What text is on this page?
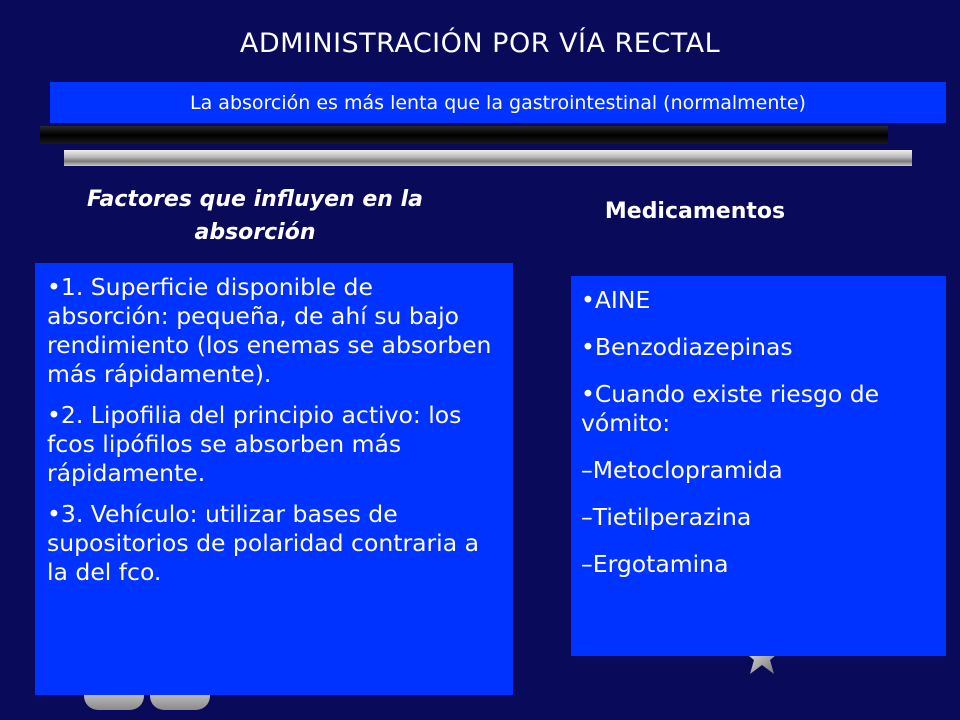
ADMINISTRACIÓN POR VÍA RECTAL
La absorción es más lenta que la gastrointestinal (normalmente)
Factores que influyen en la absorción
Medicamentos

•1. Superficie disponible de absorción: pequeña, de ahí su bajo rendimiento (los enemas se absorben más rápidamente).

•2. Lipofilia del principio activo: los fcos lipófilos se absorben más rápidamente.

•3. Vehículo: utilizar bases de supositorios de polaridad contraria a la del fco.

•AINE

•Benzodiazepinas

•Cuando existe riesgo de vómito:

–Metoclopramida

–Tietilperazina

–Ergotamina
